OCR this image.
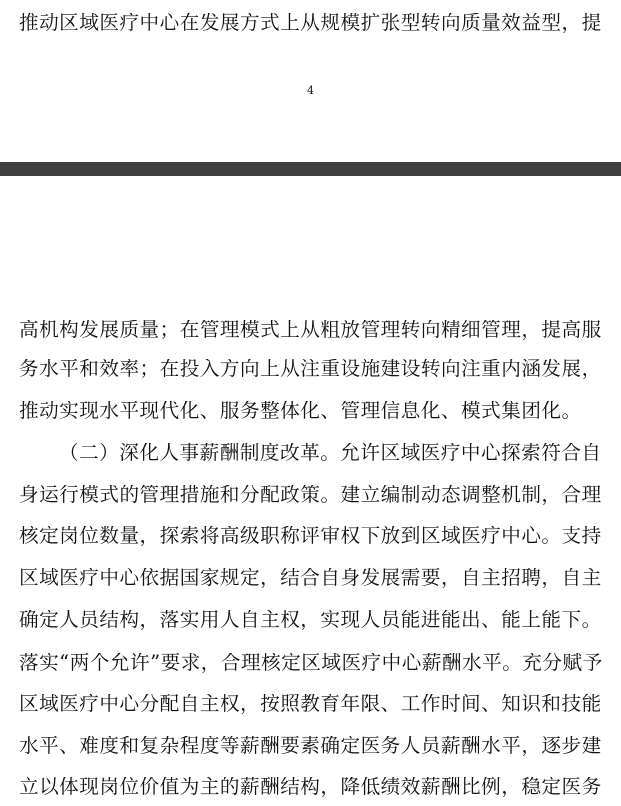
推动区域医疗中心在发展方式上从规模扩张型转向质量效益型，提
4
高机构发展质量；在管理模式上从粗放管理转向精细管理，提高服
务水平和效率；在投入方向上从注重设施建设转向注重内涵发展，
推动实现水平现代化、服务整体化、管理信息化、模式集团化。
（二）深化人事薪酬制度改革。允许区域医疗中心探索符合自
身运行模式的管理措施和分配政策。建立编制动态调整机制，合理
核定岗位数量，探索将高级职称评审权下放到区域医疗中心。支持
区域医疗中心依据国家规定，结合自身发展需要，自主招聘，自主
确定人员结构，落实用人自主权，实现人员能进能出、能上能下。
落实“两个允许”要求，合理核定区域医疗中心薪酬水平。充分赋予
区域医疗中心分配自主权，按照教育年限、工作时间、知识和技能
水平、难度和复杂程度等薪酬要素确定医务人员薪酬水平，逐步建
立以体现岗位价值为主的薪酬结构，降低绩效薪酬比例，稳定医务
